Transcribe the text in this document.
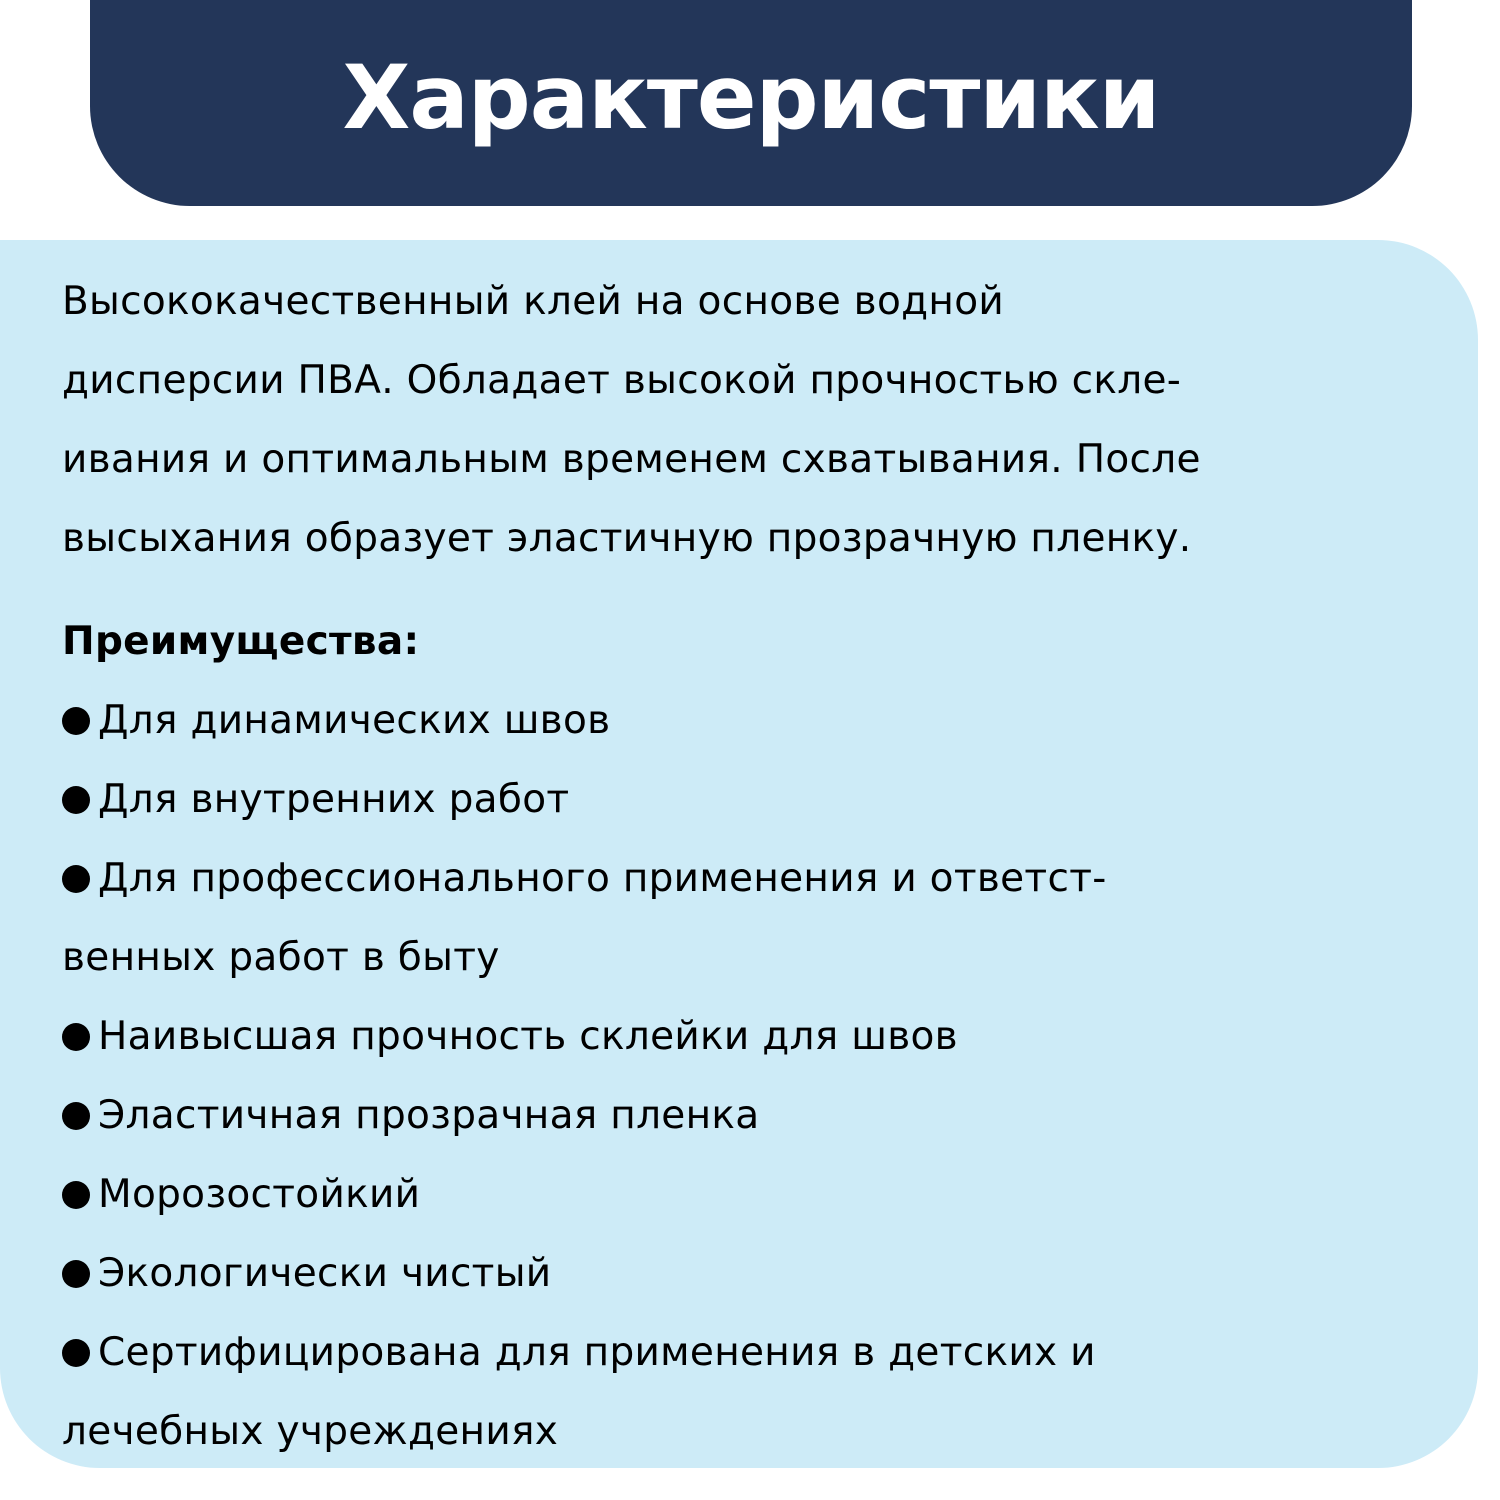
Характеристики

Высококачественный клей на основе водной
дисперсии ПВА. Обладает высокой прочностью скле-
ивания и оптимальным временем схватывания. После
высыхания образует эластичную прозрачную пленку.

Преимущества:
Для динамических швов
Для внутренних работ
Для профессионального применения и ответст-
венных работ в быту
Наивысшая прочность склейки для швов
Эластичная прозрачная пленка
Морозостойкий
Экологически чистый
Сертифицирована для применения в детских и
лечебных учреждениях
